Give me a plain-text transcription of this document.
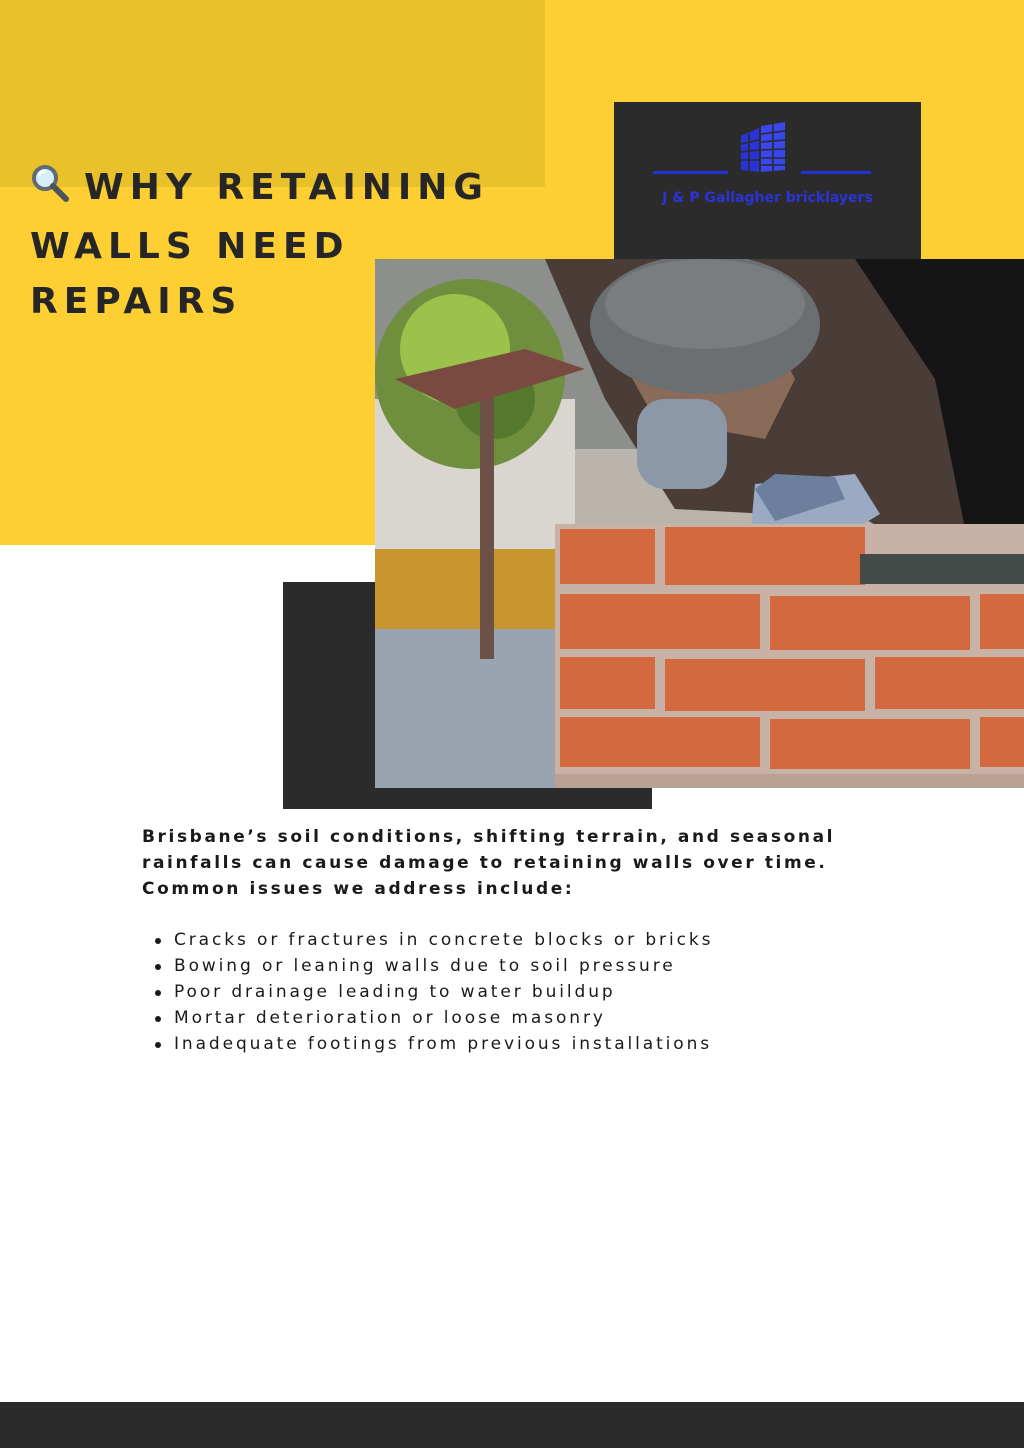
WHY RETAINING WALLS NEED REPAIRS
J & P Gallagher bricklayers

Brisbane’s soil conditions, shifting terrain, and seasonal rainfalls can cause damage to retaining walls over time. Common issues we address include:

Cracks or fractures in concrete blocks or bricks
Bowing or leaning walls due to soil pressure
Poor drainage leading to water buildup
Mortar deterioration or loose masonry
Inadequate footings from previous installations
